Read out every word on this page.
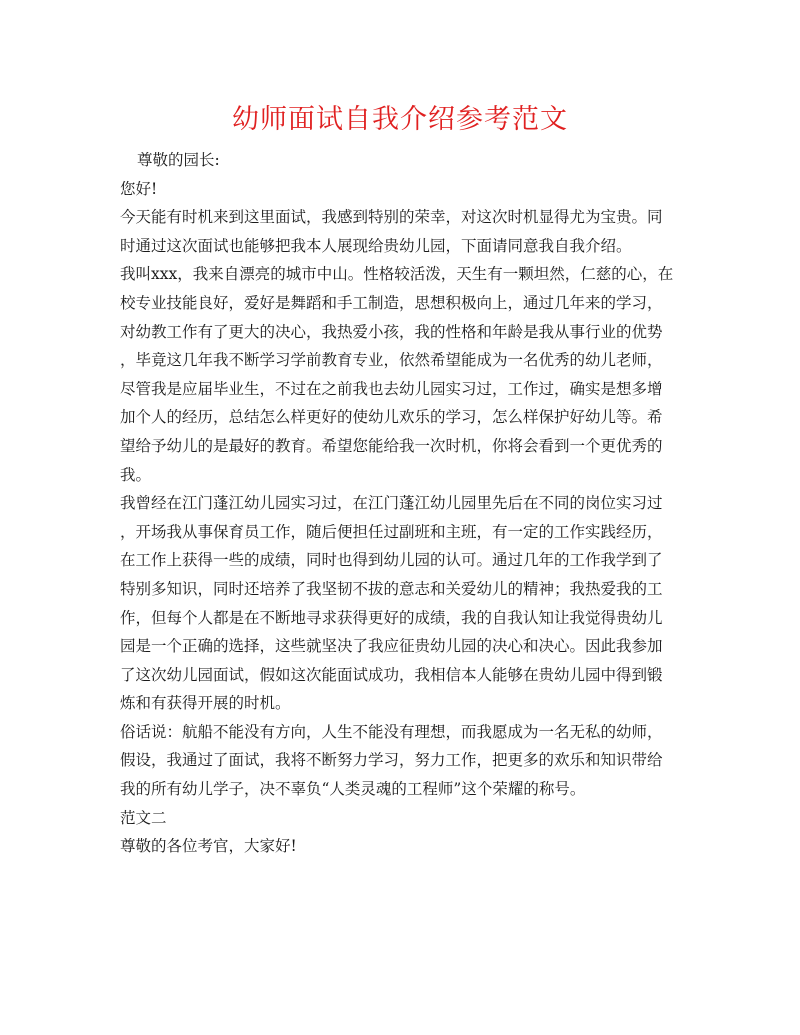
幼师面试自我介绍参考范文
尊敬的园长:
您好!
今天能有时机来到这里面试，我感到特别的荣幸，对这次时机显得尤为宝贵。同
时通过这次面试也能够把我本人展现给贵幼儿园，下面请同意我自我介绍。
我叫xxx，我来自漂亮的城市中山。性格较活泼，天生有一颗坦然，仁慈的心，在
校专业技能良好，爱好是舞蹈和手工制造，思想积极向上，通过几年来的学习，
对幼教工作有了更大的决心，我热爱小孩，我的性格和年龄是我从事行业的优势
，毕竟这几年我不断学习学前教育专业，依然希望能成为一名优秀的幼儿老师，
尽管我是应届毕业生，不过在之前我也去幼儿园实习过，工作过，确实是想多增
加个人的经历，总结怎么样更好的使幼儿欢乐的学习，怎么样保护好幼儿等。希
望给予幼儿的是最好的教育。希望您能给我一次时机，你将会看到一个更优秀的
我。
我曾经在江门蓬江幼儿园实习过，在江门蓬江幼儿园里先后在不同的岗位实习过
，开场我从事保育员工作，随后便担任过副班和主班，有一定的工作实践经历，
在工作上获得一些的成绩，同时也得到幼儿园的认可。通过几年的工作我学到了
特别多知识，同时还培养了我坚韧不拔的意志和关爱幼儿的精神；我热爱我的工
作，但每个人都是在不断地寻求获得更好的成绩，我的自我认知让我觉得贵幼儿
园是一个正确的选择，这些就坚决了我应征贵幼儿园的决心和决心。因此我参加
了这次幼儿园面试，假如这次能面试成功，我相信本人能够在贵幼儿园中得到锻
炼和有获得开展的时机。
俗话说：航船不能没有方向，人生不能没有理想，而我愿成为一名无私的幼师，
假设，我通过了面试，我将不断努力学习，努力工作，把更多的欢乐和知识带给
我的所有幼儿学子，决不辜负“人类灵魂的工程师”这个荣耀的称号。
范文二
尊敬的各位考官，大家好!
